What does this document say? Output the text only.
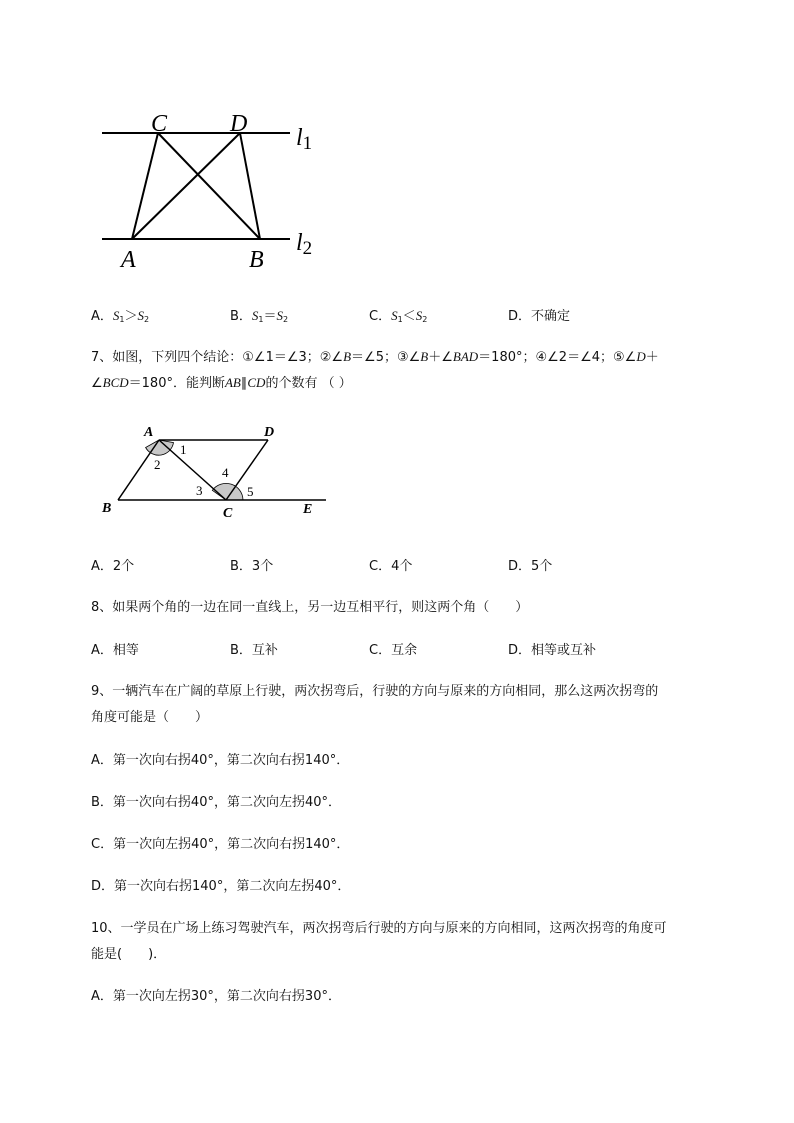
C	D
A	B
l1
l2
A．$S_1>S_2$	B．$S_1=S_2$	C．$S_1<S_2$	D．不确定
7、如图，下列四个结论：①∠1＝∠3；②∠B＝∠5；③∠B＋∠BAD＝180°；④∠2＝∠4；⑤∠D＋
∠BCD＝180°．能判断AB∥CD的个数有 （ ）
A	D
B	C	E
1
2
3
4
5
A．2个	B．3个	C．4个	D．5个
8、如果两个角的一边在同一直线上，另一边互相平行，则这两个角（　　）
A．相等	B．互补	C．互余	D．相等或互补
9、一辆汽车在广阔的草原上行驶，两次拐弯后，行驶的方向与原来的方向相同，那么这两次拐弯的
角度可能是（　　）
A．第一次向右拐40°，第二次向右拐140°．
B．第一次向右拐40°，第二次向左拐40°．
C．第一次向左拐40°，第二次向右拐140°．
D．第一次向右拐140°，第二次向左拐40°．
10、一学员在广场上练习驾驶汽车，两次拐弯后行驶的方向与原来的方向相同，这两次拐弯的角度可
能是(　　)．
A．第一次向左拐30°，第二次向右拐30°．
